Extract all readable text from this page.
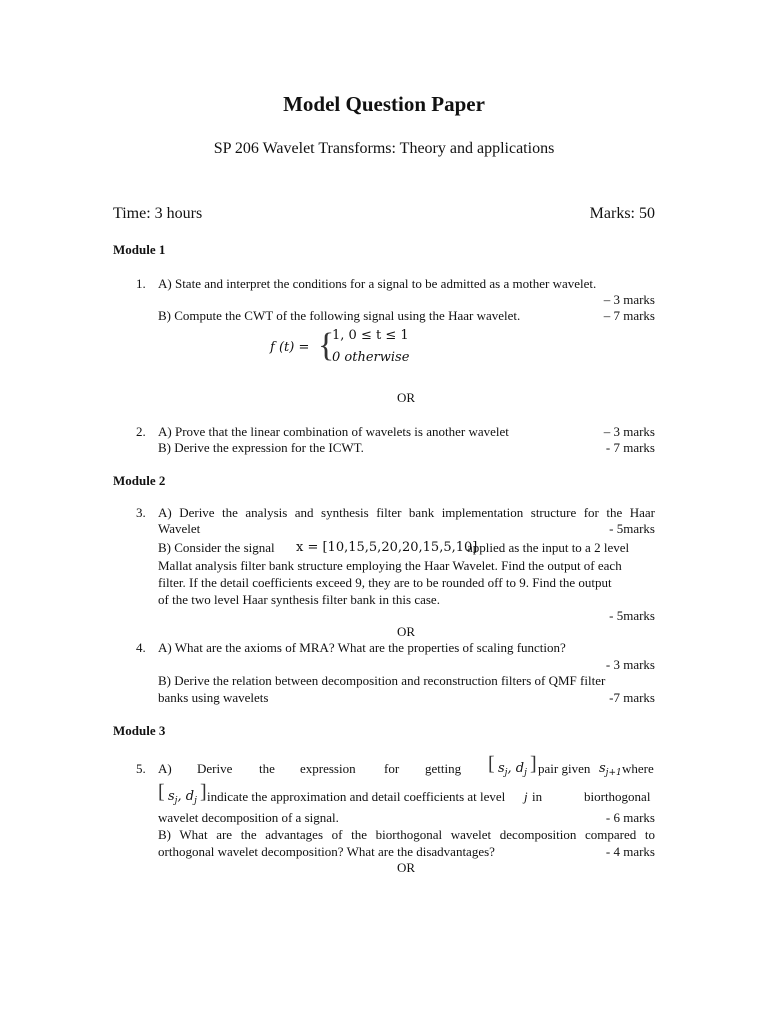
Model Question Paper
SP 206 Wavelet Transforms: Theory and applications
Time: 3 hours	Marks: 50
Module 1
1. A) State and interpret the conditions for a signal to be admitted as a mother wavelet.
– 3 marks
B) Compute the CWT of the following signal using the Haar wavelet.	– 7 marks
f (t) = {
1, 0 ≤ t ≤ 1
0 otherwise
OR
2. A) Prove that the linear combination of wavelets is another wavelet	– 3 marks
B) Derive the expression for the ICWT.	- 7 marks
Module 2
3. A) Derive the analysis and synthesis filter bank implementation structure for the Haar
Wavelet	- 5marks
B) Consider the signal x = [10,15,5,20,20,15,5,10]
applied as the input to a 2 level
Mallat analysis filter bank structure employing the Haar Wavelet. Find the output of each
filter. If the detail coefficients exceed 9, they are to be rounded off to 9. Find the output
of the two level Haar synthesis filter bank in this case.
- 5marks
OR
4. A) What are the axioms of MRA? What are the properties of scaling function?
- 3 marks
B) Derive the relation between decomposition and reconstruction filters of QMF filter
banks using wavelets	-7 marks
Module 3
5. A) Derive the expression for getting [ $s_j$, $d_j$ ] pair given $s_{j+1}$ where
[ $s_j$, $d_j$ ] indicate the approximation and detail coefficients at level j in	biorthogonal
wavelet decomposition of a signal.	- 6 marks
B) What are the advantages of the biorthogonal wavelet decomposition compared to
orthogonal wavelet decomposition? What are the disadvantages?	- 4 marks
OR
